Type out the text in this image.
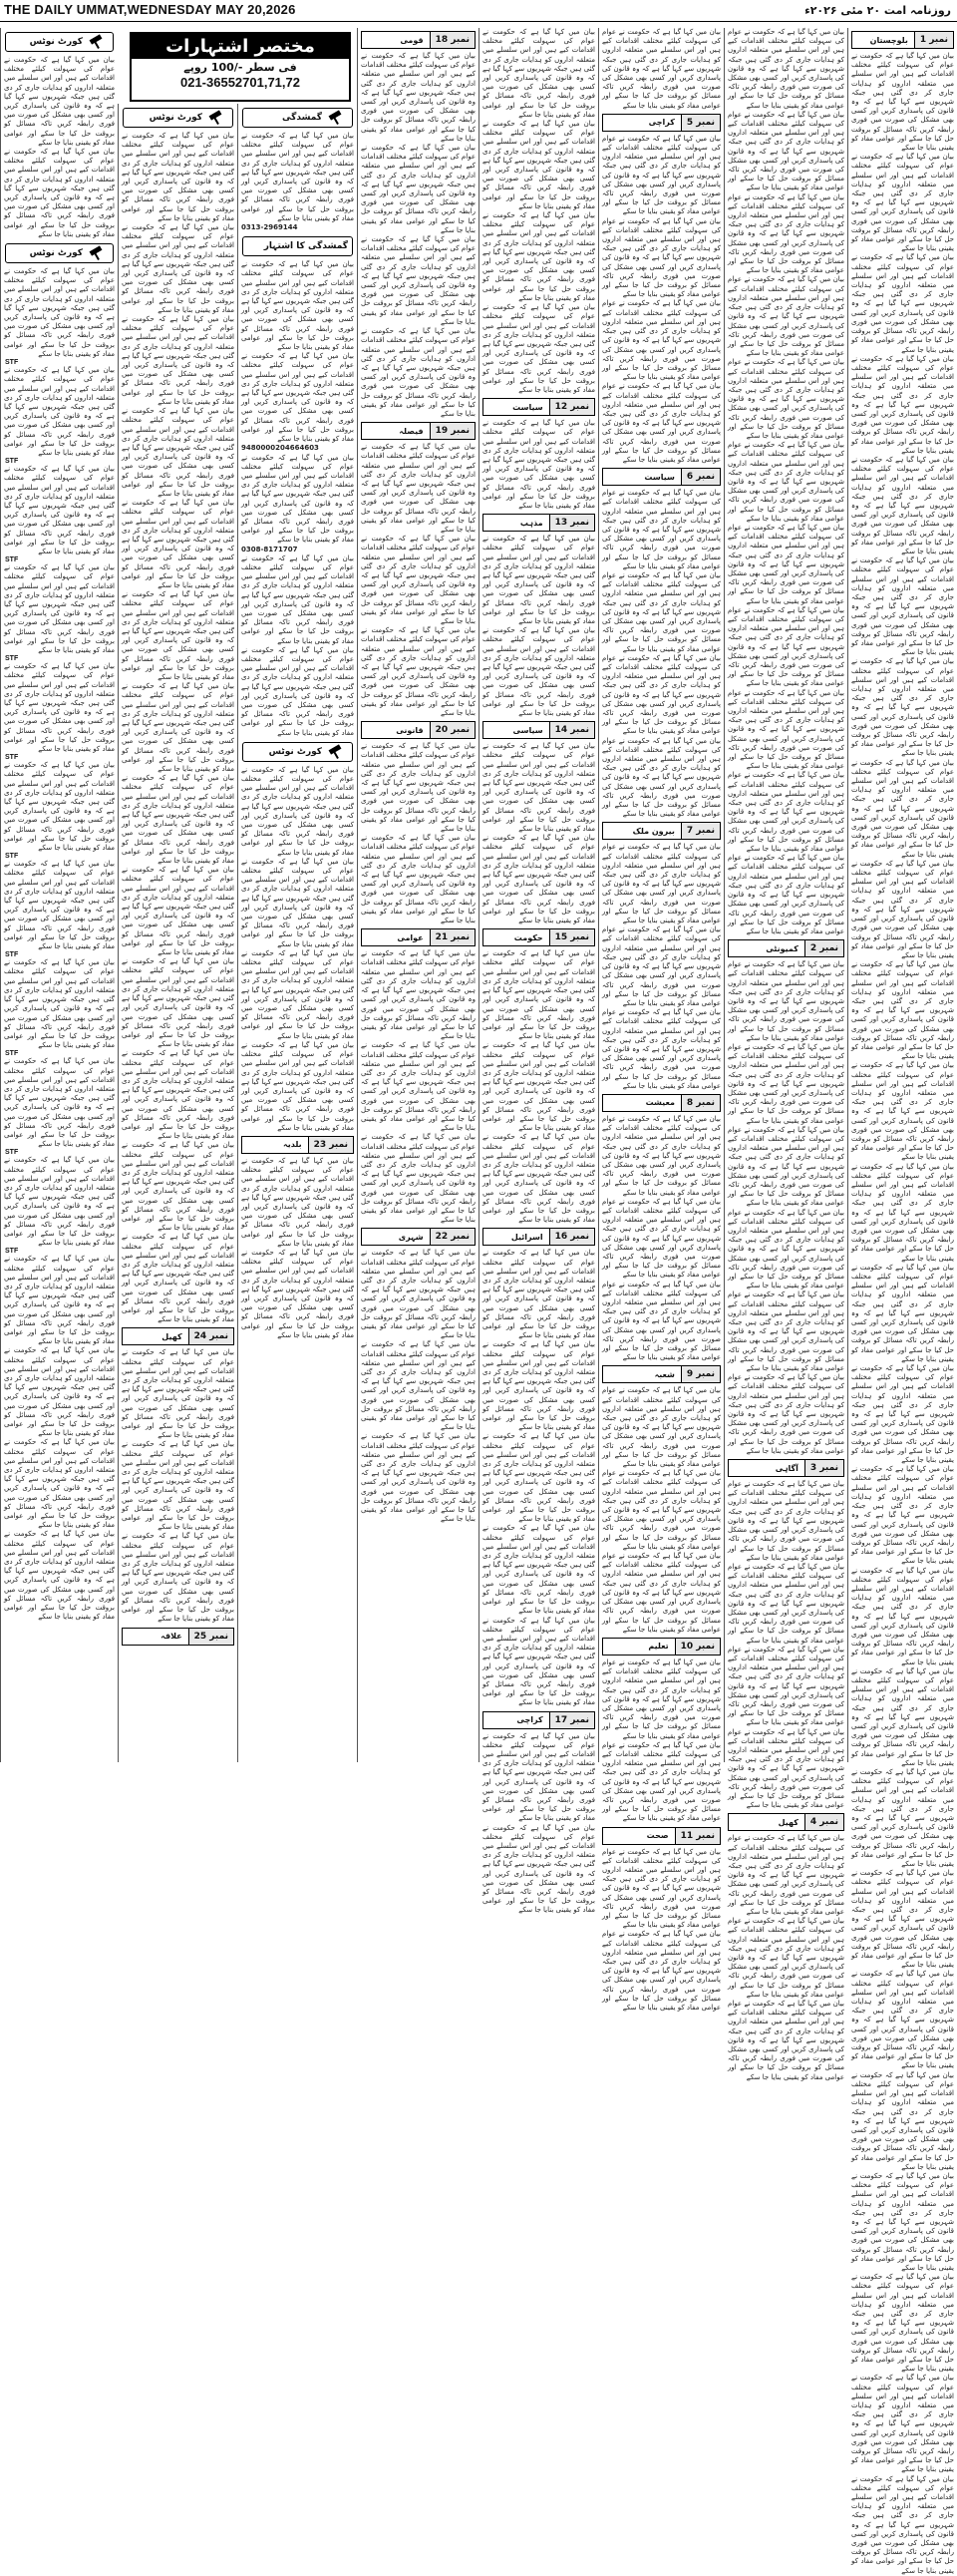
THE DAILY UMMAT,WEDNESDAY MAY 20,2026	روزنامہ امت ۲۰ مئی ۲۰۲۶ء
نمبر 1
بلوچستان
بیان میں کہا گیا ہے کہ حکومت نے عوام کی سہولت کیلئے مختلف اقدامات کیے ہیں اور اس سلسلے میں متعلقہ اداروں کو ہدایات جاری کر دی گئی ہیں جبکہ شہریوں سے کہا گیا ہے کہ وہ قانون کی پاسداری کریں اور کسی بھی مشکل کی صورت میں فوری رابطہ کریں تاکہ مسائل کو بروقت حل کیا جا سکے اور عوامی مفاد کو یقینی بنایا جا سکے
بیان میں کہا گیا ہے کہ حکومت نے عوام کی سہولت کیلئے مختلف اقدامات کیے ہیں اور اس سلسلے میں متعلقہ اداروں کو ہدایات جاری کر دی گئی ہیں جبکہ شہریوں سے کہا گیا ہے کہ وہ قانون کی پاسداری کریں اور کسی بھی مشکل کی صورت میں فوری رابطہ کریں تاکہ مسائل کو بروقت حل کیا جا سکے اور عوامی مفاد کو یقینی بنایا جا سکے
بیان میں کہا گیا ہے کہ حکومت نے عوام کی سہولت کیلئے مختلف اقدامات کیے ہیں اور اس سلسلے میں متعلقہ اداروں کو ہدایات جاری کر دی گئی ہیں جبکہ شہریوں سے کہا گیا ہے کہ وہ قانون کی پاسداری کریں اور کسی بھی مشکل کی صورت میں فوری رابطہ کریں تاکہ مسائل کو بروقت حل کیا جا سکے اور عوامی مفاد کو یقینی بنایا جا سکے
بیان میں کہا گیا ہے کہ حکومت نے عوام کی سہولت کیلئے مختلف اقدامات کیے ہیں اور اس سلسلے میں متعلقہ اداروں کو ہدایات جاری کر دی گئی ہیں جبکہ شہریوں سے کہا گیا ہے کہ وہ قانون کی پاسداری کریں اور کسی بھی مشکل کی صورت میں فوری رابطہ کریں تاکہ مسائل کو بروقت حل کیا جا سکے اور عوامی مفاد کو یقینی بنایا جا سکے
بیان میں کہا گیا ہے کہ حکومت نے عوام کی سہولت کیلئے مختلف اقدامات کیے ہیں اور اس سلسلے میں متعلقہ اداروں کو ہدایات جاری کر دی گئی ہیں جبکہ شہریوں سے کہا گیا ہے کہ وہ قانون کی پاسداری کریں اور کسی بھی مشکل کی صورت میں فوری رابطہ کریں تاکہ مسائل کو بروقت حل کیا جا سکے اور عوامی مفاد کو یقینی بنایا جا سکے
بیان میں کہا گیا ہے کہ حکومت نے عوام کی سہولت کیلئے مختلف اقدامات کیے ہیں اور اس سلسلے میں متعلقہ اداروں کو ہدایات جاری کر دی گئی ہیں جبکہ شہریوں سے کہا گیا ہے کہ وہ قانون کی پاسداری کریں اور کسی بھی مشکل کی صورت میں فوری رابطہ کریں تاکہ مسائل کو بروقت حل کیا جا سکے اور عوامی مفاد کو یقینی بنایا جا سکے
بیان میں کہا گیا ہے کہ حکومت نے عوام کی سہولت کیلئے مختلف اقدامات کیے ہیں اور اس سلسلے میں متعلقہ اداروں کو ہدایات جاری کر دی گئی ہیں جبکہ شہریوں سے کہا گیا ہے کہ وہ قانون کی پاسداری کریں اور کسی بھی مشکل کی صورت میں فوری رابطہ کریں تاکہ مسائل کو بروقت حل کیا جا سکے اور عوامی مفاد کو یقینی بنایا جا سکے
بیان میں کہا گیا ہے کہ حکومت نے عوام کی سہولت کیلئے مختلف اقدامات کیے ہیں اور اس سلسلے میں متعلقہ اداروں کو ہدایات جاری کر دی گئی ہیں جبکہ شہریوں سے کہا گیا ہے کہ وہ قانون کی پاسداری کریں اور کسی بھی مشکل کی صورت میں فوری رابطہ کریں تاکہ مسائل کو بروقت حل کیا جا سکے اور عوامی مفاد کو یقینی بنایا جا سکے
بیان میں کہا گیا ہے کہ حکومت نے عوام کی سہولت کیلئے مختلف اقدامات کیے ہیں اور اس سلسلے میں متعلقہ اداروں کو ہدایات جاری کر دی گئی ہیں جبکہ شہریوں سے کہا گیا ہے کہ وہ قانون کی پاسداری کریں اور کسی بھی مشکل کی صورت میں فوری رابطہ کریں تاکہ مسائل کو بروقت حل کیا جا سکے اور عوامی مفاد کو یقینی بنایا جا سکے
بیان میں کہا گیا ہے کہ حکومت نے عوام کی سہولت کیلئے مختلف اقدامات کیے ہیں اور اس سلسلے میں متعلقہ اداروں کو ہدایات جاری کر دی گئی ہیں جبکہ شہریوں سے کہا گیا ہے کہ وہ قانون کی پاسداری کریں اور کسی بھی مشکل کی صورت میں فوری رابطہ کریں تاکہ مسائل کو بروقت حل کیا جا سکے اور عوامی مفاد کو یقینی بنایا جا سکے
بیان میں کہا گیا ہے کہ حکومت نے عوام کی سہولت کیلئے مختلف اقدامات کیے ہیں اور اس سلسلے میں متعلقہ اداروں کو ہدایات جاری کر دی گئی ہیں جبکہ شہریوں سے کہا گیا ہے کہ وہ قانون کی پاسداری کریں اور کسی بھی مشکل کی صورت میں فوری رابطہ کریں تاکہ مسائل کو بروقت حل کیا جا سکے اور عوامی مفاد کو یقینی بنایا جا سکے
بیان میں کہا گیا ہے کہ حکومت نے عوام کی سہولت کیلئے مختلف اقدامات کیے ہیں اور اس سلسلے میں متعلقہ اداروں کو ہدایات جاری کر دی گئی ہیں جبکہ شہریوں سے کہا گیا ہے کہ وہ قانون کی پاسداری کریں اور کسی بھی مشکل کی صورت میں فوری رابطہ کریں تاکہ مسائل کو بروقت حل کیا جا سکے اور عوامی مفاد کو یقینی بنایا جا سکے
بیان میں کہا گیا ہے کہ حکومت نے عوام کی سہولت کیلئے مختلف اقدامات کیے ہیں اور اس سلسلے میں متعلقہ اداروں کو ہدایات جاری کر دی گئی ہیں جبکہ شہریوں سے کہا گیا ہے کہ وہ قانون کی پاسداری کریں اور کسی بھی مشکل کی صورت میں فوری رابطہ کریں تاکہ مسائل کو بروقت حل کیا جا سکے اور عوامی مفاد کو یقینی بنایا جا سکے
بیان میں کہا گیا ہے کہ حکومت نے عوام کی سہولت کیلئے مختلف اقدامات کیے ہیں اور اس سلسلے میں متعلقہ اداروں کو ہدایات جاری کر دی گئی ہیں جبکہ شہریوں سے کہا گیا ہے کہ وہ قانون کی پاسداری کریں اور کسی بھی مشکل کی صورت میں فوری رابطہ کریں تاکہ مسائل کو بروقت حل کیا جا سکے اور عوامی مفاد کو یقینی بنایا جا سکے
بیان میں کہا گیا ہے کہ حکومت نے عوام کی سہولت کیلئے مختلف اقدامات کیے ہیں اور اس سلسلے میں متعلقہ اداروں کو ہدایات جاری کر دی گئی ہیں جبکہ شہریوں سے کہا گیا ہے کہ وہ قانون کی پاسداری کریں اور کسی بھی مشکل کی صورت میں فوری رابطہ کریں تاکہ مسائل کو بروقت حل کیا جا سکے اور عوامی مفاد کو یقینی بنایا جا سکے
بیان میں کہا گیا ہے کہ حکومت نے عوام کی سہولت کیلئے مختلف اقدامات کیے ہیں اور اس سلسلے میں متعلقہ اداروں کو ہدایات جاری کر دی گئی ہیں جبکہ شہریوں سے کہا گیا ہے کہ وہ قانون کی پاسداری کریں اور کسی بھی مشکل کی صورت میں فوری رابطہ کریں تاکہ مسائل کو بروقت حل کیا جا سکے اور عوامی مفاد کو یقینی بنایا جا سکے
بیان میں کہا گیا ہے کہ حکومت نے عوام کی سہولت کیلئے مختلف اقدامات کیے ہیں اور اس سلسلے میں متعلقہ اداروں کو ہدایات جاری کر دی گئی ہیں جبکہ شہریوں سے کہا گیا ہے کہ وہ قانون کی پاسداری کریں اور کسی بھی مشکل کی صورت میں فوری رابطہ کریں تاکہ مسائل کو بروقت حل کیا جا سکے اور عوامی مفاد کو یقینی بنایا جا سکے
بیان میں کہا گیا ہے کہ حکومت نے عوام کی سہولت کیلئے مختلف اقدامات کیے ہیں اور اس سلسلے میں متعلقہ اداروں کو ہدایات جاری کر دی گئی ہیں جبکہ شہریوں سے کہا گیا ہے کہ وہ قانون کی پاسداری کریں اور کسی بھی مشکل کی صورت میں فوری رابطہ کریں تاکہ مسائل کو بروقت حل کیا جا سکے اور عوامی مفاد کو یقینی بنایا جا سکے
بیان میں کہا گیا ہے کہ حکومت نے عوام کی سہولت کیلئے مختلف اقدامات کیے ہیں اور اس سلسلے میں متعلقہ اداروں کو ہدایات جاری کر دی گئی ہیں جبکہ شہریوں سے کہا گیا ہے کہ وہ قانون کی پاسداری کریں اور کسی بھی مشکل کی صورت میں فوری رابطہ کریں تاکہ مسائل کو بروقت حل کیا جا سکے اور عوامی مفاد کو یقینی بنایا جا سکے
بیان میں کہا گیا ہے کہ حکومت نے عوام کی سہولت کیلئے مختلف اقدامات کیے ہیں اور اس سلسلے میں متعلقہ اداروں کو ہدایات جاری کر دی گئی ہیں جبکہ شہریوں سے کہا گیا ہے کہ وہ قانون کی پاسداری کریں اور کسی بھی مشکل کی صورت میں فوری رابطہ کریں تاکہ مسائل کو بروقت حل کیا جا سکے اور عوامی مفاد کو یقینی بنایا جا سکے
بیان میں کہا گیا ہے کہ حکومت نے عوام کی سہولت کیلئے مختلف اقدامات کیے ہیں اور اس سلسلے میں متعلقہ اداروں کو ہدایات جاری کر دی گئی ہیں جبکہ شہریوں سے کہا گیا ہے کہ وہ قانون کی پاسداری کریں اور کسی بھی مشکل کی صورت میں فوری رابطہ کریں تاکہ مسائل کو بروقت حل کیا جا سکے اور عوامی مفاد کو یقینی بنایا جا سکے
بیان میں کہا گیا ہے کہ حکومت نے عوام کی سہولت کیلئے مختلف اقدامات کیے ہیں اور اس سلسلے میں متعلقہ اداروں کو ہدایات جاری کر دی گئی ہیں جبکہ شہریوں سے کہا گیا ہے کہ وہ قانون کی پاسداری کریں اور کسی بھی مشکل کی صورت میں فوری رابطہ کریں تاکہ مسائل کو بروقت حل کیا جا سکے اور عوامی مفاد کو یقینی بنایا جا سکے
بیان میں کہا گیا ہے کہ حکومت نے عوام کی سہولت کیلئے مختلف اقدامات کیے ہیں اور اس سلسلے میں متعلقہ اداروں کو ہدایات جاری کر دی گئی ہیں جبکہ شہریوں سے کہا گیا ہے کہ وہ قانون کی پاسداری کریں اور کسی بھی مشکل کی صورت میں فوری رابطہ کریں تاکہ مسائل کو بروقت حل کیا جا سکے اور عوامی مفاد کو یقینی بنایا جا سکے
بیان میں کہا گیا ہے کہ حکومت نے عوام کی سہولت کیلئے مختلف اقدامات کیے ہیں اور اس سلسلے میں متعلقہ اداروں کو ہدایات جاری کر دی گئی ہیں جبکہ شہریوں سے کہا گیا ہے کہ وہ قانون کی پاسداری کریں اور کسی بھی مشکل کی صورت میں فوری رابطہ کریں تاکہ مسائل کو بروقت حل کیا جا سکے اور عوامی مفاد کو یقینی بنایا جا سکے
بیان میں کہا گیا ہے کہ حکومت نے عوام کی سہولت کیلئے مختلف اقدامات کیے ہیں اور اس سلسلے میں متعلقہ اداروں کو ہدایات جاری کر دی گئی ہیں جبکہ شہریوں سے کہا گیا ہے کہ وہ قانون کی پاسداری کریں اور کسی بھی مشکل کی صورت میں فوری رابطہ کریں تاکہ مسائل کو بروقت حل کیا جا سکے اور عوامی مفاد کو یقینی بنایا جا سکے
بیان میں کہا گیا ہے کہ حکومت نے عوام کی سہولت کیلئے مختلف اقدامات کیے ہیں اور اس سلسلے میں متعلقہ اداروں کو ہدایات جاری کر دی گئی ہیں جبکہ شہریوں سے کہا گیا ہے کہ وہ قانون کی پاسداری کریں اور کسی بھی مشکل کی صورت میں فوری رابطہ کریں تاکہ مسائل کو بروقت حل کیا جا سکے اور عوامی مفاد کو یقینی بنایا جا سکے
بیان میں کہا گیا ہے کہ حکومت نے عوام کی سہولت کیلئے مختلف اقدامات کیے ہیں اور اس سلسلے میں متعلقہ اداروں کو ہدایات جاری کر دی گئی ہیں جبکہ شہریوں سے کہا گیا ہے کہ وہ قانون کی پاسداری کریں اور کسی بھی مشکل کی صورت میں فوری رابطہ کریں تاکہ مسائل کو بروقت حل کیا جا سکے اور عوامی مفاد کو یقینی بنایا جا سکے
بیان میں کہا گیا ہے کہ حکومت نے عوام کی سہولت کیلئے مختلف اقدامات کیے ہیں اور اس سلسلے میں متعلقہ اداروں کو ہدایات جاری کر دی گئی ہیں جبکہ شہریوں سے کہا گیا ہے کہ وہ قانون کی پاسداری کریں اور کسی بھی مشکل کی صورت میں فوری رابطہ کریں تاکہ مسائل کو بروقت حل کیا جا سکے اور عوامی مفاد کو یقینی بنایا جا سکے
بیان میں کہا گیا ہے کہ حکومت نے عوام کی سہولت کیلئے مختلف اقدامات کیے ہیں اور اس سلسلے میں متعلقہ اداروں کو ہدایات جاری کر دی گئی ہیں جبکہ شہریوں سے کہا گیا ہے کہ وہ قانون کی پاسداری کریں اور کسی بھی مشکل کی صورت میں فوری رابطہ کریں تاکہ مسائل کو بروقت حل کیا جا سکے اور عوامی مفاد کو یقینی بنایا جا سکے
بیان میں کہا گیا ہے کہ حکومت نے عوام کی سہولت کیلئے مختلف اقدامات کیے ہیں اور اس سلسلے میں متعلقہ اداروں کو ہدایات جاری کر دی گئی ہیں جبکہ شہریوں سے کہا گیا ہے کہ وہ قانون کی پاسداری کریں اور کسی بھی مشکل کی صورت میں فوری رابطہ کریں تاکہ مسائل کو بروقت حل کیا جا سکے اور عوامی مفاد کو یقینی بنایا جا سکے
بیان میں کہا گیا ہے کہ حکومت نے عوام کی سہولت کیلئے مختلف اقدامات کیے ہیں اور اس سلسلے میں متعلقہ اداروں کو ہدایات جاری کر دی گئی ہیں جبکہ شہریوں سے کہا گیا ہے کہ وہ قانون کی پاسداری کریں اور کسی بھی مشکل کی صورت میں فوری رابطہ کریں تاکہ مسائل کو بروقت حل کیا جا سکے اور عوامی مفاد کو یقینی بنایا جا سکے
بیان میں کہا گیا ہے کہ حکومت نے عوام کی سہولت کیلئے مختلف اقدامات کیے ہیں اور اس سلسلے میں متعلقہ اداروں کو ہدایات جاری کر دی گئی ہیں جبکہ شہریوں سے کہا گیا ہے کہ وہ قانون کی پاسداری کریں اور کسی بھی مشکل کی صورت میں فوری رابطہ کریں تاکہ مسائل کو بروقت حل کیا جا سکے اور عوامی مفاد کو یقینی بنایا جا سکے
بیان میں کہا گیا ہے کہ حکومت نے عوام کی سہولت کیلئے مختلف اقدامات کیے ہیں اور اس سلسلے میں متعلقہ اداروں کو ہدایات جاری کر دی گئی ہیں جبکہ شہریوں سے کہا گیا ہے کہ وہ قانون کی پاسداری کریں اور کسی بھی مشکل کی صورت میں فوری رابطہ کریں تاکہ مسائل کو بروقت حل کیا جا سکے اور عوامی مفاد کو یقینی بنایا جا سکے
بیان میں کہا گیا ہے کہ حکومت نے عوام کی سہولت کیلئے مختلف اقدامات کیے ہیں اور اس سلسلے میں متعلقہ اداروں کو ہدایات جاری کر دی گئی ہیں جبکہ شہریوں سے کہا گیا ہے کہ وہ قانون کی پاسداری کریں اور کسی بھی مشکل کی صورت میں فوری رابطہ کریں تاکہ مسائل کو بروقت حل کیا جا سکے اور عوامی مفاد کو یقینی بنایا جا سکے
بیان میں کہا گیا ہے کہ حکومت نے عوام کی سہولت کیلئے مختلف اقدامات کیے ہیں اور اس سلسلے میں متعلقہ اداروں کو ہدایات جاری کر دی گئی ہیں جبکہ شہریوں سے کہا گیا ہے کہ وہ قانون کی پاسداری کریں اور کسی بھی مشکل کی صورت میں فوری رابطہ کریں تاکہ مسائل کو بروقت حل کیا جا سکے اور عوامی مفاد کو یقینی بنایا جا سکے
بیان میں کہا گیا ہے کہ حکومت نے عوام کی سہولت کیلئے مختلف اقدامات کیے ہیں اور اس سلسلے میں متعلقہ اداروں کو ہدایات جاری کر دی گئی ہیں جبکہ شہریوں سے کہا گیا ہے کہ وہ قانون کی پاسداری کریں اور کسی بھی مشکل کی صورت میں فوری رابطہ کریں تاکہ مسائل کو بروقت حل کیا جا سکے اور عوامی مفاد کو یقینی بنایا جا سکے
نمبر 2
کمیونٹی
بیان میں کہا گیا ہے کہ حکومت نے عوام کی سہولت کیلئے مختلف اقدامات کیے ہیں اور اس سلسلے میں متعلقہ اداروں کو ہدایات جاری کر دی گئی ہیں جبکہ شہریوں سے کہا گیا ہے کہ وہ قانون کی پاسداری کریں اور کسی بھی مشکل کی صورت میں فوری رابطہ کریں تاکہ مسائل کو بروقت حل کیا جا سکے اور عوامی مفاد کو یقینی بنایا جا سکے
بیان میں کہا گیا ہے کہ حکومت نے عوام کی سہولت کیلئے مختلف اقدامات کیے ہیں اور اس سلسلے میں متعلقہ اداروں کو ہدایات جاری کر دی گئی ہیں جبکہ شہریوں سے کہا گیا ہے کہ وہ قانون کی پاسداری کریں اور کسی بھی مشکل کی صورت میں فوری رابطہ کریں تاکہ مسائل کو بروقت حل کیا جا سکے اور عوامی مفاد کو یقینی بنایا جا سکے
بیان میں کہا گیا ہے کہ حکومت نے عوام کی سہولت کیلئے مختلف اقدامات کیے ہیں اور اس سلسلے میں متعلقہ اداروں کو ہدایات جاری کر دی گئی ہیں جبکہ شہریوں سے کہا گیا ہے کہ وہ قانون کی پاسداری کریں اور کسی بھی مشکل کی صورت میں فوری رابطہ کریں تاکہ مسائل کو بروقت حل کیا جا سکے اور عوامی مفاد کو یقینی بنایا جا سکے
بیان میں کہا گیا ہے کہ حکومت نے عوام کی سہولت کیلئے مختلف اقدامات کیے ہیں اور اس سلسلے میں متعلقہ اداروں کو ہدایات جاری کر دی گئی ہیں جبکہ شہریوں سے کہا گیا ہے کہ وہ قانون کی پاسداری کریں اور کسی بھی مشکل کی صورت میں فوری رابطہ کریں تاکہ مسائل کو بروقت حل کیا جا سکے اور عوامی مفاد کو یقینی بنایا جا سکے
بیان میں کہا گیا ہے کہ حکومت نے عوام کی سہولت کیلئے مختلف اقدامات کیے ہیں اور اس سلسلے میں متعلقہ اداروں کو ہدایات جاری کر دی گئی ہیں جبکہ شہریوں سے کہا گیا ہے کہ وہ قانون کی پاسداری کریں اور کسی بھی مشکل کی صورت میں فوری رابطہ کریں تاکہ مسائل کو بروقت حل کیا جا سکے اور عوامی مفاد کو یقینی بنایا جا سکے
بیان میں کہا گیا ہے کہ حکومت نے عوام کی سہولت کیلئے مختلف اقدامات کیے ہیں اور اس سلسلے میں متعلقہ اداروں کو ہدایات جاری کر دی گئی ہیں جبکہ شہریوں سے کہا گیا ہے کہ وہ قانون کی پاسداری کریں اور کسی بھی مشکل کی صورت میں فوری رابطہ کریں تاکہ مسائل کو بروقت حل کیا جا سکے اور عوامی مفاد کو یقینی بنایا جا سکے
نمبر 3
آگاہی
بیان میں کہا گیا ہے کہ حکومت نے عوام کی سہولت کیلئے مختلف اقدامات کیے ہیں اور اس سلسلے میں متعلقہ اداروں کو ہدایات جاری کر دی گئی ہیں جبکہ شہریوں سے کہا گیا ہے کہ وہ قانون کی پاسداری کریں اور کسی بھی مشکل کی صورت میں فوری رابطہ کریں تاکہ مسائل کو بروقت حل کیا جا سکے اور عوامی مفاد کو یقینی بنایا جا سکے
بیان میں کہا گیا ہے کہ حکومت نے عوام کی سہولت کیلئے مختلف اقدامات کیے ہیں اور اس سلسلے میں متعلقہ اداروں کو ہدایات جاری کر دی گئی ہیں جبکہ شہریوں سے کہا گیا ہے کہ وہ قانون کی پاسداری کریں اور کسی بھی مشکل کی صورت میں فوری رابطہ کریں تاکہ مسائل کو بروقت حل کیا جا سکے اور عوامی مفاد کو یقینی بنایا جا سکے
بیان میں کہا گیا ہے کہ حکومت نے عوام کی سہولت کیلئے مختلف اقدامات کیے ہیں اور اس سلسلے میں متعلقہ اداروں کو ہدایات جاری کر دی گئی ہیں جبکہ شہریوں سے کہا گیا ہے کہ وہ قانون کی پاسداری کریں اور کسی بھی مشکل کی صورت میں فوری رابطہ کریں تاکہ مسائل کو بروقت حل کیا جا سکے اور عوامی مفاد کو یقینی بنایا جا سکے
بیان میں کہا گیا ہے کہ حکومت نے عوام کی سہولت کیلئے مختلف اقدامات کیے ہیں اور اس سلسلے میں متعلقہ اداروں کو ہدایات جاری کر دی گئی ہیں جبکہ شہریوں سے کہا گیا ہے کہ وہ قانون کی پاسداری کریں اور کسی بھی مشکل کی صورت میں فوری رابطہ کریں تاکہ مسائل کو بروقت حل کیا جا سکے اور عوامی مفاد کو یقینی بنایا جا سکے
نمبر 4
کھیل
بیان میں کہا گیا ہے کہ حکومت نے عوام کی سہولت کیلئے مختلف اقدامات کیے ہیں اور اس سلسلے میں متعلقہ اداروں کو ہدایات جاری کر دی گئی ہیں جبکہ شہریوں سے کہا گیا ہے کہ وہ قانون کی پاسداری کریں اور کسی بھی مشکل کی صورت میں فوری رابطہ کریں تاکہ مسائل کو بروقت حل کیا جا سکے اور عوامی مفاد کو یقینی بنایا جا سکے
بیان میں کہا گیا ہے کہ حکومت نے عوام کی سہولت کیلئے مختلف اقدامات کیے ہیں اور اس سلسلے میں متعلقہ اداروں کو ہدایات جاری کر دی گئی ہیں جبکہ شہریوں سے کہا گیا ہے کہ وہ قانون کی پاسداری کریں اور کسی بھی مشکل کی صورت میں فوری رابطہ کریں تاکہ مسائل کو بروقت حل کیا جا سکے اور عوامی مفاد کو یقینی بنایا جا سکے
بیان میں کہا گیا ہے کہ حکومت نے عوام کی سہولت کیلئے مختلف اقدامات کیے ہیں اور اس سلسلے میں متعلقہ اداروں کو ہدایات جاری کر دی گئی ہیں جبکہ شہریوں سے کہا گیا ہے کہ وہ قانون کی پاسداری کریں اور کسی بھی مشکل کی صورت میں فوری رابطہ کریں تاکہ مسائل کو بروقت حل کیا جا سکے اور عوامی مفاد کو یقینی بنایا جا سکے
بیان میں کہا گیا ہے کہ حکومت نے عوام کی سہولت کیلئے مختلف اقدامات کیے ہیں اور اس سلسلے میں متعلقہ اداروں کو ہدایات جاری کر دی گئی ہیں جبکہ شہریوں سے کہا گیا ہے کہ وہ قانون کی پاسداری کریں اور کسی بھی مشکل کی صورت میں فوری رابطہ کریں تاکہ مسائل کو بروقت حل کیا جا سکے اور عوامی مفاد کو یقینی بنایا جا سکے
نمبر 5
کراچی
بیان میں کہا گیا ہے کہ حکومت نے عوام کی سہولت کیلئے مختلف اقدامات کیے ہیں اور اس سلسلے میں متعلقہ اداروں کو ہدایات جاری کر دی گئی ہیں جبکہ شہریوں سے کہا گیا ہے کہ وہ قانون کی پاسداری کریں اور کسی بھی مشکل کی صورت میں فوری رابطہ کریں تاکہ مسائل کو بروقت حل کیا جا سکے اور عوامی مفاد کو یقینی بنایا جا سکے
بیان میں کہا گیا ہے کہ حکومت نے عوام کی سہولت کیلئے مختلف اقدامات کیے ہیں اور اس سلسلے میں متعلقہ اداروں کو ہدایات جاری کر دی گئی ہیں جبکہ شہریوں سے کہا گیا ہے کہ وہ قانون کی پاسداری کریں اور کسی بھی مشکل کی صورت میں فوری رابطہ کریں تاکہ مسائل کو بروقت حل کیا جا سکے اور عوامی مفاد کو یقینی بنایا جا سکے
بیان میں کہا گیا ہے کہ حکومت نے عوام کی سہولت کیلئے مختلف اقدامات کیے ہیں اور اس سلسلے میں متعلقہ اداروں کو ہدایات جاری کر دی گئی ہیں جبکہ شہریوں سے کہا گیا ہے کہ وہ قانون کی پاسداری کریں اور کسی بھی مشکل کی صورت میں فوری رابطہ کریں تاکہ مسائل کو بروقت حل کیا جا سکے اور عوامی مفاد کو یقینی بنایا جا سکے
بیان میں کہا گیا ہے کہ حکومت نے عوام کی سہولت کیلئے مختلف اقدامات کیے ہیں اور اس سلسلے میں متعلقہ اداروں کو ہدایات جاری کر دی گئی ہیں جبکہ شہریوں سے کہا گیا ہے کہ وہ قانون کی پاسداری کریں اور کسی بھی مشکل کی صورت میں فوری رابطہ کریں تاکہ مسائل کو بروقت حل کیا جا سکے اور عوامی مفاد کو یقینی بنایا جا سکے
نمبر 6
سیاست
بیان میں کہا گیا ہے کہ حکومت نے عوام کی سہولت کیلئے مختلف اقدامات کیے ہیں اور اس سلسلے میں متعلقہ اداروں کو ہدایات جاری کر دی گئی ہیں جبکہ شہریوں سے کہا گیا ہے کہ وہ قانون کی پاسداری کریں اور کسی بھی مشکل کی صورت میں فوری رابطہ کریں تاکہ مسائل کو بروقت حل کیا جا سکے اور عوامی مفاد کو یقینی بنایا جا سکے
بیان میں کہا گیا ہے کہ حکومت نے عوام کی سہولت کیلئے مختلف اقدامات کیے ہیں اور اس سلسلے میں متعلقہ اداروں کو ہدایات جاری کر دی گئی ہیں جبکہ شہریوں سے کہا گیا ہے کہ وہ قانون کی پاسداری کریں اور کسی بھی مشکل کی صورت میں فوری رابطہ کریں تاکہ مسائل کو بروقت حل کیا جا سکے اور عوامی مفاد کو یقینی بنایا جا سکے
بیان میں کہا گیا ہے کہ حکومت نے عوام کی سہولت کیلئے مختلف اقدامات کیے ہیں اور اس سلسلے میں متعلقہ اداروں کو ہدایات جاری کر دی گئی ہیں جبکہ شہریوں سے کہا گیا ہے کہ وہ قانون کی پاسداری کریں اور کسی بھی مشکل کی صورت میں فوری رابطہ کریں تاکہ مسائل کو بروقت حل کیا جا سکے اور عوامی مفاد کو یقینی بنایا جا سکے
بیان میں کہا گیا ہے کہ حکومت نے عوام کی سہولت کیلئے مختلف اقدامات کیے ہیں اور اس سلسلے میں متعلقہ اداروں کو ہدایات جاری کر دی گئی ہیں جبکہ شہریوں سے کہا گیا ہے کہ وہ قانون کی پاسداری کریں اور کسی بھی مشکل کی صورت میں فوری رابطہ کریں تاکہ مسائل کو بروقت حل کیا جا سکے اور عوامی مفاد کو یقینی بنایا جا سکے
نمبر 7
بیرون ملک
بیان میں کہا گیا ہے کہ حکومت نے عوام کی سہولت کیلئے مختلف اقدامات کیے ہیں اور اس سلسلے میں متعلقہ اداروں کو ہدایات جاری کر دی گئی ہیں جبکہ شہریوں سے کہا گیا ہے کہ وہ قانون کی پاسداری کریں اور کسی بھی مشکل کی صورت میں فوری رابطہ کریں تاکہ مسائل کو بروقت حل کیا جا سکے اور عوامی مفاد کو یقینی بنایا جا سکے
بیان میں کہا گیا ہے کہ حکومت نے عوام کی سہولت کیلئے مختلف اقدامات کیے ہیں اور اس سلسلے میں متعلقہ اداروں کو ہدایات جاری کر دی گئی ہیں جبکہ شہریوں سے کہا گیا ہے کہ وہ قانون کی پاسداری کریں اور کسی بھی مشکل کی صورت میں فوری رابطہ کریں تاکہ مسائل کو بروقت حل کیا جا سکے اور عوامی مفاد کو یقینی بنایا جا سکے
بیان میں کہا گیا ہے کہ حکومت نے عوام کی سہولت کیلئے مختلف اقدامات کیے ہیں اور اس سلسلے میں متعلقہ اداروں کو ہدایات جاری کر دی گئی ہیں جبکہ شہریوں سے کہا گیا ہے کہ وہ قانون کی پاسداری کریں اور کسی بھی مشکل کی صورت میں فوری رابطہ کریں تاکہ مسائل کو بروقت حل کیا جا سکے اور عوامی مفاد کو یقینی بنایا جا سکے
نمبر 8
معیشت
بیان میں کہا گیا ہے کہ حکومت نے عوام کی سہولت کیلئے مختلف اقدامات کیے ہیں اور اس سلسلے میں متعلقہ اداروں کو ہدایات جاری کر دی گئی ہیں جبکہ شہریوں سے کہا گیا ہے کہ وہ قانون کی پاسداری کریں اور کسی بھی مشکل کی صورت میں فوری رابطہ کریں تاکہ مسائل کو بروقت حل کیا جا سکے اور عوامی مفاد کو یقینی بنایا جا سکے
بیان میں کہا گیا ہے کہ حکومت نے عوام کی سہولت کیلئے مختلف اقدامات کیے ہیں اور اس سلسلے میں متعلقہ اداروں کو ہدایات جاری کر دی گئی ہیں جبکہ شہریوں سے کہا گیا ہے کہ وہ قانون کی پاسداری کریں اور کسی بھی مشکل کی صورت میں فوری رابطہ کریں تاکہ مسائل کو بروقت حل کیا جا سکے اور عوامی مفاد کو یقینی بنایا جا سکے
بیان میں کہا گیا ہے کہ حکومت نے عوام کی سہولت کیلئے مختلف اقدامات کیے ہیں اور اس سلسلے میں متعلقہ اداروں کو ہدایات جاری کر دی گئی ہیں جبکہ شہریوں سے کہا گیا ہے کہ وہ قانون کی پاسداری کریں اور کسی بھی مشکل کی صورت میں فوری رابطہ کریں تاکہ مسائل کو بروقت حل کیا جا سکے اور عوامی مفاد کو یقینی بنایا جا سکے
نمبر 9
شعبہ
بیان میں کہا گیا ہے کہ حکومت نے عوام کی سہولت کیلئے مختلف اقدامات کیے ہیں اور اس سلسلے میں متعلقہ اداروں کو ہدایات جاری کر دی گئی ہیں جبکہ شہریوں سے کہا گیا ہے کہ وہ قانون کی پاسداری کریں اور کسی بھی مشکل کی صورت میں فوری رابطہ کریں تاکہ مسائل کو بروقت حل کیا جا سکے اور عوامی مفاد کو یقینی بنایا جا سکے
بیان میں کہا گیا ہے کہ حکومت نے عوام کی سہولت کیلئے مختلف اقدامات کیے ہیں اور اس سلسلے میں متعلقہ اداروں کو ہدایات جاری کر دی گئی ہیں جبکہ شہریوں سے کہا گیا ہے کہ وہ قانون کی پاسداری کریں اور کسی بھی مشکل کی صورت میں فوری رابطہ کریں تاکہ مسائل کو بروقت حل کیا جا سکے اور عوامی مفاد کو یقینی بنایا جا سکے
بیان میں کہا گیا ہے کہ حکومت نے عوام کی سہولت کیلئے مختلف اقدامات کیے ہیں اور اس سلسلے میں متعلقہ اداروں کو ہدایات جاری کر دی گئی ہیں جبکہ شہریوں سے کہا گیا ہے کہ وہ قانون کی پاسداری کریں اور کسی بھی مشکل کی صورت میں فوری رابطہ کریں تاکہ مسائل کو بروقت حل کیا جا سکے اور عوامی مفاد کو یقینی بنایا جا سکے
نمبر 10
تعلیم
بیان میں کہا گیا ہے کہ حکومت نے عوام کی سہولت کیلئے مختلف اقدامات کیے ہیں اور اس سلسلے میں متعلقہ اداروں کو ہدایات جاری کر دی گئی ہیں جبکہ شہریوں سے کہا گیا ہے کہ وہ قانون کی پاسداری کریں اور کسی بھی مشکل کی صورت میں فوری رابطہ کریں تاکہ مسائل کو بروقت حل کیا جا سکے اور عوامی مفاد کو یقینی بنایا جا سکے
بیان میں کہا گیا ہے کہ حکومت نے عوام کی سہولت کیلئے مختلف اقدامات کیے ہیں اور اس سلسلے میں متعلقہ اداروں کو ہدایات جاری کر دی گئی ہیں جبکہ شہریوں سے کہا گیا ہے کہ وہ قانون کی پاسداری کریں اور کسی بھی مشکل کی صورت میں فوری رابطہ کریں تاکہ مسائل کو بروقت حل کیا جا سکے اور عوامی مفاد کو یقینی بنایا جا سکے
نمبر 11
صحت
بیان میں کہا گیا ہے کہ حکومت نے عوام کی سہولت کیلئے مختلف اقدامات کیے ہیں اور اس سلسلے میں متعلقہ اداروں کو ہدایات جاری کر دی گئی ہیں جبکہ شہریوں سے کہا گیا ہے کہ وہ قانون کی پاسداری کریں اور کسی بھی مشکل کی صورت میں فوری رابطہ کریں تاکہ مسائل کو بروقت حل کیا جا سکے اور عوامی مفاد کو یقینی بنایا جا سکے
بیان میں کہا گیا ہے کہ حکومت نے عوام کی سہولت کیلئے مختلف اقدامات کیے ہیں اور اس سلسلے میں متعلقہ اداروں کو ہدایات جاری کر دی گئی ہیں جبکہ شہریوں سے کہا گیا ہے کہ وہ قانون کی پاسداری کریں اور کسی بھی مشکل کی صورت میں فوری رابطہ کریں تاکہ مسائل کو بروقت حل کیا جا سکے اور عوامی مفاد کو یقینی بنایا جا سکے
بیان میں کہا گیا ہے کہ حکومت نے عوام کی سہولت کیلئے مختلف اقدامات کیے ہیں اور اس سلسلے میں متعلقہ اداروں کو ہدایات جاری کر دی گئی ہیں جبکہ شہریوں سے کہا گیا ہے کہ وہ قانون کی پاسداری کریں اور کسی بھی مشکل کی صورت میں فوری رابطہ کریں تاکہ مسائل کو بروقت حل کیا جا سکے اور عوامی مفاد کو یقینی بنایا جا سکے
بیان میں کہا گیا ہے کہ حکومت نے عوام کی سہولت کیلئے مختلف اقدامات کیے ہیں اور اس سلسلے میں متعلقہ اداروں کو ہدایات جاری کر دی گئی ہیں جبکہ شہریوں سے کہا گیا ہے کہ وہ قانون کی پاسداری کریں اور کسی بھی مشکل کی صورت میں فوری رابطہ کریں تاکہ مسائل کو بروقت حل کیا جا سکے اور عوامی مفاد کو یقینی بنایا جا سکے
بیان میں کہا گیا ہے کہ حکومت نے عوام کی سہولت کیلئے مختلف اقدامات کیے ہیں اور اس سلسلے میں متعلقہ اداروں کو ہدایات جاری کر دی گئی ہیں جبکہ شہریوں سے کہا گیا ہے کہ وہ قانون کی پاسداری کریں اور کسی بھی مشکل کی صورت میں فوری رابطہ کریں تاکہ مسائل کو بروقت حل کیا جا سکے اور عوامی مفاد کو یقینی بنایا جا سکے
بیان میں کہا گیا ہے کہ حکومت نے عوام کی سہولت کیلئے مختلف اقدامات کیے ہیں اور اس سلسلے میں متعلقہ اداروں کو ہدایات جاری کر دی گئی ہیں جبکہ شہریوں سے کہا گیا ہے کہ وہ قانون کی پاسداری کریں اور کسی بھی مشکل کی صورت میں فوری رابطہ کریں تاکہ مسائل کو بروقت حل کیا جا سکے اور عوامی مفاد کو یقینی بنایا جا سکے
نمبر 12
سیاست
بیان میں کہا گیا ہے کہ حکومت نے عوام کی سہولت کیلئے مختلف اقدامات کیے ہیں اور اس سلسلے میں متعلقہ اداروں کو ہدایات جاری کر دی گئی ہیں جبکہ شہریوں سے کہا گیا ہے کہ وہ قانون کی پاسداری کریں اور کسی بھی مشکل کی صورت میں فوری رابطہ کریں تاکہ مسائل کو بروقت حل کیا جا سکے اور عوامی مفاد کو یقینی بنایا جا سکے
نمبر 13
مذہب
بیان میں کہا گیا ہے کہ حکومت نے عوام کی سہولت کیلئے مختلف اقدامات کیے ہیں اور اس سلسلے میں متعلقہ اداروں کو ہدایات جاری کر دی گئی ہیں جبکہ شہریوں سے کہا گیا ہے کہ وہ قانون کی پاسداری کریں اور کسی بھی مشکل کی صورت میں فوری رابطہ کریں تاکہ مسائل کو بروقت حل کیا جا سکے اور عوامی مفاد کو یقینی بنایا جا سکے
بیان میں کہا گیا ہے کہ حکومت نے عوام کی سہولت کیلئے مختلف اقدامات کیے ہیں اور اس سلسلے میں متعلقہ اداروں کو ہدایات جاری کر دی گئی ہیں جبکہ شہریوں سے کہا گیا ہے کہ وہ قانون کی پاسداری کریں اور کسی بھی مشکل کی صورت میں فوری رابطہ کریں تاکہ مسائل کو بروقت حل کیا جا سکے اور عوامی مفاد کو یقینی بنایا جا سکے
نمبر 14
سیاسی
بیان میں کہا گیا ہے کہ حکومت نے عوام کی سہولت کیلئے مختلف اقدامات کیے ہیں اور اس سلسلے میں متعلقہ اداروں کو ہدایات جاری کر دی گئی ہیں جبکہ شہریوں سے کہا گیا ہے کہ وہ قانون کی پاسداری کریں اور کسی بھی مشکل کی صورت میں فوری رابطہ کریں تاکہ مسائل کو بروقت حل کیا جا سکے اور عوامی مفاد کو یقینی بنایا جا سکے
بیان میں کہا گیا ہے کہ حکومت نے عوام کی سہولت کیلئے مختلف اقدامات کیے ہیں اور اس سلسلے میں متعلقہ اداروں کو ہدایات جاری کر دی گئی ہیں جبکہ شہریوں سے کہا گیا ہے کہ وہ قانون کی پاسداری کریں اور کسی بھی مشکل کی صورت میں فوری رابطہ کریں تاکہ مسائل کو بروقت حل کیا جا سکے اور عوامی مفاد کو یقینی بنایا جا سکے
نمبر 15
حکومت
بیان میں کہا گیا ہے کہ حکومت نے عوام کی سہولت کیلئے مختلف اقدامات کیے ہیں اور اس سلسلے میں متعلقہ اداروں کو ہدایات جاری کر دی گئی ہیں جبکہ شہریوں سے کہا گیا ہے کہ وہ قانون کی پاسداری کریں اور کسی بھی مشکل کی صورت میں فوری رابطہ کریں تاکہ مسائل کو بروقت حل کیا جا سکے اور عوامی مفاد کو یقینی بنایا جا سکے
بیان میں کہا گیا ہے کہ حکومت نے عوام کی سہولت کیلئے مختلف اقدامات کیے ہیں اور اس سلسلے میں متعلقہ اداروں کو ہدایات جاری کر دی گئی ہیں جبکہ شہریوں سے کہا گیا ہے کہ وہ قانون کی پاسداری کریں اور کسی بھی مشکل کی صورت میں فوری رابطہ کریں تاکہ مسائل کو بروقت حل کیا جا سکے اور عوامی مفاد کو یقینی بنایا جا سکے
بیان میں کہا گیا ہے کہ حکومت نے عوام کی سہولت کیلئے مختلف اقدامات کیے ہیں اور اس سلسلے میں متعلقہ اداروں کو ہدایات جاری کر دی گئی ہیں جبکہ شہریوں سے کہا گیا ہے کہ وہ قانون کی پاسداری کریں اور کسی بھی مشکل کی صورت میں فوری رابطہ کریں تاکہ مسائل کو بروقت حل کیا جا سکے اور عوامی مفاد کو یقینی بنایا جا سکے
نمبر 16
اسرائیل
بیان میں کہا گیا ہے کہ حکومت نے عوام کی سہولت کیلئے مختلف اقدامات کیے ہیں اور اس سلسلے میں متعلقہ اداروں کو ہدایات جاری کر دی گئی ہیں جبکہ شہریوں سے کہا گیا ہے کہ وہ قانون کی پاسداری کریں اور کسی بھی مشکل کی صورت میں فوری رابطہ کریں تاکہ مسائل کو بروقت حل کیا جا سکے اور عوامی مفاد کو یقینی بنایا جا سکے
بیان میں کہا گیا ہے کہ حکومت نے عوام کی سہولت کیلئے مختلف اقدامات کیے ہیں اور اس سلسلے میں متعلقہ اداروں کو ہدایات جاری کر دی گئی ہیں جبکہ شہریوں سے کہا گیا ہے کہ وہ قانون کی پاسداری کریں اور کسی بھی مشکل کی صورت میں فوری رابطہ کریں تاکہ مسائل کو بروقت حل کیا جا سکے اور عوامی مفاد کو یقینی بنایا جا سکے
بیان میں کہا گیا ہے کہ حکومت نے عوام کی سہولت کیلئے مختلف اقدامات کیے ہیں اور اس سلسلے میں متعلقہ اداروں کو ہدایات جاری کر دی گئی ہیں جبکہ شہریوں سے کہا گیا ہے کہ وہ قانون کی پاسداری کریں اور کسی بھی مشکل کی صورت میں فوری رابطہ کریں تاکہ مسائل کو بروقت حل کیا جا سکے اور عوامی مفاد کو یقینی بنایا جا سکے
بیان میں کہا گیا ہے کہ حکومت نے عوام کی سہولت کیلئے مختلف اقدامات کیے ہیں اور اس سلسلے میں متعلقہ اداروں کو ہدایات جاری کر دی گئی ہیں جبکہ شہریوں سے کہا گیا ہے کہ وہ قانون کی پاسداری کریں اور کسی بھی مشکل کی صورت میں فوری رابطہ کریں تاکہ مسائل کو بروقت حل کیا جا سکے اور عوامی مفاد کو یقینی بنایا جا سکے
بیان میں کہا گیا ہے کہ حکومت نے عوام کی سہولت کیلئے مختلف اقدامات کیے ہیں اور اس سلسلے میں متعلقہ اداروں کو ہدایات جاری کر دی گئی ہیں جبکہ شہریوں سے کہا گیا ہے کہ وہ قانون کی پاسداری کریں اور کسی بھی مشکل کی صورت میں فوری رابطہ کریں تاکہ مسائل کو بروقت حل کیا جا سکے اور عوامی مفاد کو یقینی بنایا جا سکے
نمبر 17
کراچی
بیان میں کہا گیا ہے کہ حکومت نے عوام کی سہولت کیلئے مختلف اقدامات کیے ہیں اور اس سلسلے میں متعلقہ اداروں کو ہدایات جاری کر دی گئی ہیں جبکہ شہریوں سے کہا گیا ہے کہ وہ قانون کی پاسداری کریں اور کسی بھی مشکل کی صورت میں فوری رابطہ کریں تاکہ مسائل کو بروقت حل کیا جا سکے اور عوامی مفاد کو یقینی بنایا جا سکے
بیان میں کہا گیا ہے کہ حکومت نے عوام کی سہولت کیلئے مختلف اقدامات کیے ہیں اور اس سلسلے میں متعلقہ اداروں کو ہدایات جاری کر دی گئی ہیں جبکہ شہریوں سے کہا گیا ہے کہ وہ قانون کی پاسداری کریں اور کسی بھی مشکل کی صورت میں فوری رابطہ کریں تاکہ مسائل کو بروقت حل کیا جا سکے اور عوامی مفاد کو یقینی بنایا جا سکے
نمبر 18
قومی
بیان میں کہا گیا ہے کہ حکومت نے عوام کی سہولت کیلئے مختلف اقدامات کیے ہیں اور اس سلسلے میں متعلقہ اداروں کو ہدایات جاری کر دی گئی ہیں جبکہ شہریوں سے کہا گیا ہے کہ وہ قانون کی پاسداری کریں اور کسی بھی مشکل کی صورت میں فوری رابطہ کریں تاکہ مسائل کو بروقت حل کیا جا سکے اور عوامی مفاد کو یقینی بنایا جا سکے
بیان میں کہا گیا ہے کہ حکومت نے عوام کی سہولت کیلئے مختلف اقدامات کیے ہیں اور اس سلسلے میں متعلقہ اداروں کو ہدایات جاری کر دی گئی ہیں جبکہ شہریوں سے کہا گیا ہے کہ وہ قانون کی پاسداری کریں اور کسی بھی مشکل کی صورت میں فوری رابطہ کریں تاکہ مسائل کو بروقت حل کیا جا سکے اور عوامی مفاد کو یقینی بنایا جا سکے
بیان میں کہا گیا ہے کہ حکومت نے عوام کی سہولت کیلئے مختلف اقدامات کیے ہیں اور اس سلسلے میں متعلقہ اداروں کو ہدایات جاری کر دی گئی ہیں جبکہ شہریوں سے کہا گیا ہے کہ وہ قانون کی پاسداری کریں اور کسی بھی مشکل کی صورت میں فوری رابطہ کریں تاکہ مسائل کو بروقت حل کیا جا سکے اور عوامی مفاد کو یقینی بنایا جا سکے
بیان میں کہا گیا ہے کہ حکومت نے عوام کی سہولت کیلئے مختلف اقدامات کیے ہیں اور اس سلسلے میں متعلقہ اداروں کو ہدایات جاری کر دی گئی ہیں جبکہ شہریوں سے کہا گیا ہے کہ وہ قانون کی پاسداری کریں اور کسی بھی مشکل کی صورت میں فوری رابطہ کریں تاکہ مسائل کو بروقت حل کیا جا سکے اور عوامی مفاد کو یقینی بنایا جا سکے
نمبر 19
فیصلہ
بیان میں کہا گیا ہے کہ حکومت نے عوام کی سہولت کیلئے مختلف اقدامات کیے ہیں اور اس سلسلے میں متعلقہ اداروں کو ہدایات جاری کر دی گئی ہیں جبکہ شہریوں سے کہا گیا ہے کہ وہ قانون کی پاسداری کریں اور کسی بھی مشکل کی صورت میں فوری رابطہ کریں تاکہ مسائل کو بروقت حل کیا جا سکے اور عوامی مفاد کو یقینی بنایا جا سکے
بیان میں کہا گیا ہے کہ حکومت نے عوام کی سہولت کیلئے مختلف اقدامات کیے ہیں اور اس سلسلے میں متعلقہ اداروں کو ہدایات جاری کر دی گئی ہیں جبکہ شہریوں سے کہا گیا ہے کہ وہ قانون کی پاسداری کریں اور کسی بھی مشکل کی صورت میں فوری رابطہ کریں تاکہ مسائل کو بروقت حل کیا جا سکے اور عوامی مفاد کو یقینی بنایا جا سکے
بیان میں کہا گیا ہے کہ حکومت نے عوام کی سہولت کیلئے مختلف اقدامات کیے ہیں اور اس سلسلے میں متعلقہ اداروں کو ہدایات جاری کر دی گئی ہیں جبکہ شہریوں سے کہا گیا ہے کہ وہ قانون کی پاسداری کریں اور کسی بھی مشکل کی صورت میں فوری رابطہ کریں تاکہ مسائل کو بروقت حل کیا جا سکے اور عوامی مفاد کو یقینی بنایا جا سکے
نمبر 20
قانونی
بیان میں کہا گیا ہے کہ حکومت نے عوام کی سہولت کیلئے مختلف اقدامات کیے ہیں اور اس سلسلے میں متعلقہ اداروں کو ہدایات جاری کر دی گئی ہیں جبکہ شہریوں سے کہا گیا ہے کہ وہ قانون کی پاسداری کریں اور کسی بھی مشکل کی صورت میں فوری رابطہ کریں تاکہ مسائل کو بروقت حل کیا جا سکے اور عوامی مفاد کو یقینی بنایا جا سکے
بیان میں کہا گیا ہے کہ حکومت نے عوام کی سہولت کیلئے مختلف اقدامات کیے ہیں اور اس سلسلے میں متعلقہ اداروں کو ہدایات جاری کر دی گئی ہیں جبکہ شہریوں سے کہا گیا ہے کہ وہ قانون کی پاسداری کریں اور کسی بھی مشکل کی صورت میں فوری رابطہ کریں تاکہ مسائل کو بروقت حل کیا جا سکے اور عوامی مفاد کو یقینی بنایا جا سکے
نمبر 21
عوامی
بیان میں کہا گیا ہے کہ حکومت نے عوام کی سہولت کیلئے مختلف اقدامات کیے ہیں اور اس سلسلے میں متعلقہ اداروں کو ہدایات جاری کر دی گئی ہیں جبکہ شہریوں سے کہا گیا ہے کہ وہ قانون کی پاسداری کریں اور کسی بھی مشکل کی صورت میں فوری رابطہ کریں تاکہ مسائل کو بروقت حل کیا جا سکے اور عوامی مفاد کو یقینی بنایا جا سکے
بیان میں کہا گیا ہے کہ حکومت نے عوام کی سہولت کیلئے مختلف اقدامات کیے ہیں اور اس سلسلے میں متعلقہ اداروں کو ہدایات جاری کر دی گئی ہیں جبکہ شہریوں سے کہا گیا ہے کہ وہ قانون کی پاسداری کریں اور کسی بھی مشکل کی صورت میں فوری رابطہ کریں تاکہ مسائل کو بروقت حل کیا جا سکے اور عوامی مفاد کو یقینی بنایا جا سکے
بیان میں کہا گیا ہے کہ حکومت نے عوام کی سہولت کیلئے مختلف اقدامات کیے ہیں اور اس سلسلے میں متعلقہ اداروں کو ہدایات جاری کر دی گئی ہیں جبکہ شہریوں سے کہا گیا ہے کہ وہ قانون کی پاسداری کریں اور کسی بھی مشکل کی صورت میں فوری رابطہ کریں تاکہ مسائل کو بروقت حل کیا جا سکے اور عوامی مفاد کو یقینی بنایا جا سکے
نمبر 22
شہری
بیان میں کہا گیا ہے کہ حکومت نے عوام کی سہولت کیلئے مختلف اقدامات کیے ہیں اور اس سلسلے میں متعلقہ اداروں کو ہدایات جاری کر دی گئی ہیں جبکہ شہریوں سے کہا گیا ہے کہ وہ قانون کی پاسداری کریں اور کسی بھی مشکل کی صورت میں فوری رابطہ کریں تاکہ مسائل کو بروقت حل کیا جا سکے اور عوامی مفاد کو یقینی بنایا جا سکے
بیان میں کہا گیا ہے کہ حکومت نے عوام کی سہولت کیلئے مختلف اقدامات کیے ہیں اور اس سلسلے میں متعلقہ اداروں کو ہدایات جاری کر دی گئی ہیں جبکہ شہریوں سے کہا گیا ہے کہ وہ قانون کی پاسداری کریں اور کسی بھی مشکل کی صورت میں فوری رابطہ کریں تاکہ مسائل کو بروقت حل کیا جا سکے اور عوامی مفاد کو یقینی بنایا جا سکے
بیان میں کہا گیا ہے کہ حکومت نے عوام کی سہولت کیلئے مختلف اقدامات کیے ہیں اور اس سلسلے میں متعلقہ اداروں کو ہدایات جاری کر دی گئی ہیں جبکہ شہریوں سے کہا گیا ہے کہ وہ قانون کی پاسداری کریں اور کسی بھی مشکل کی صورت میں فوری رابطہ کریں تاکہ مسائل کو بروقت حل کیا جا سکے اور عوامی مفاد کو یقینی بنایا جا سکے
گمشدگی
بیان میں کہا گیا ہے کہ حکومت نے عوام کی سہولت کیلئے مختلف اقدامات کیے ہیں اور اس سلسلے میں متعلقہ اداروں کو ہدایات جاری کر دی گئی ہیں جبکہ شہریوں سے کہا گیا ہے کہ وہ قانون کی پاسداری کریں اور کسی بھی مشکل کی صورت میں فوری رابطہ کریں تاکہ مسائل کو بروقت حل کیا جا سکے اور عوامی مفاد کو یقینی بنایا جا سکے
0313-2969144
گمشدگی کا اشتہار
بیان میں کہا گیا ہے کہ حکومت نے عوام کی سہولت کیلئے مختلف اقدامات کیے ہیں اور اس سلسلے میں متعلقہ اداروں کو ہدایات جاری کر دی گئی ہیں جبکہ شہریوں سے کہا گیا ہے کہ وہ قانون کی پاسداری کریں اور کسی بھی مشکل کی صورت میں فوری رابطہ کریں تاکہ مسائل کو بروقت حل کیا جا سکے اور عوامی مفاد کو یقینی بنایا جا سکے
بیان میں کہا گیا ہے کہ حکومت نے عوام کی سہولت کیلئے مختلف اقدامات کیے ہیں اور اس سلسلے میں متعلقہ اداروں کو ہدایات جاری کر دی گئی ہیں جبکہ شہریوں سے کہا گیا ہے کہ وہ قانون کی پاسداری کریں اور کسی بھی مشکل کی صورت میں فوری رابطہ کریں تاکہ مسائل کو بروقت حل کیا جا سکے اور عوامی مفاد کو یقینی بنایا جا سکے
9480000204664603
بیان میں کہا گیا ہے کہ حکومت نے عوام کی سہولت کیلئے مختلف اقدامات کیے ہیں اور اس سلسلے میں متعلقہ اداروں کو ہدایات جاری کر دی گئی ہیں جبکہ شہریوں سے کہا گیا ہے کہ وہ قانون کی پاسداری کریں اور کسی بھی مشکل کی صورت میں فوری رابطہ کریں تاکہ مسائل کو بروقت حل کیا جا سکے اور عوامی مفاد کو یقینی بنایا جا سکے
0308-8171707
بیان میں کہا گیا ہے کہ حکومت نے عوام کی سہولت کیلئے مختلف اقدامات کیے ہیں اور اس سلسلے میں متعلقہ اداروں کو ہدایات جاری کر دی گئی ہیں جبکہ شہریوں سے کہا گیا ہے کہ وہ قانون کی پاسداری کریں اور کسی بھی مشکل کی صورت میں فوری رابطہ کریں تاکہ مسائل کو بروقت حل کیا جا سکے اور عوامی مفاد کو یقینی بنایا جا سکے
بیان میں کہا گیا ہے کہ حکومت نے عوام کی سہولت کیلئے مختلف اقدامات کیے ہیں اور اس سلسلے میں متعلقہ اداروں کو ہدایات جاری کر دی گئی ہیں جبکہ شہریوں سے کہا گیا ہے کہ وہ قانون کی پاسداری کریں اور کسی بھی مشکل کی صورت میں فوری رابطہ کریں تاکہ مسائل کو بروقت حل کیا جا سکے اور عوامی مفاد کو یقینی بنایا جا سکے
کورٹ نوٹس
بیان میں کہا گیا ہے کہ حکومت نے عوام کی سہولت کیلئے مختلف اقدامات کیے ہیں اور اس سلسلے میں متعلقہ اداروں کو ہدایات جاری کر دی گئی ہیں جبکہ شہریوں سے کہا گیا ہے کہ وہ قانون کی پاسداری کریں اور کسی بھی مشکل کی صورت میں فوری رابطہ کریں تاکہ مسائل کو بروقت حل کیا جا سکے اور عوامی مفاد کو یقینی بنایا جا سکے
بیان میں کہا گیا ہے کہ حکومت نے عوام کی سہولت کیلئے مختلف اقدامات کیے ہیں اور اس سلسلے میں متعلقہ اداروں کو ہدایات جاری کر دی گئی ہیں جبکہ شہریوں سے کہا گیا ہے کہ وہ قانون کی پاسداری کریں اور کسی بھی مشکل کی صورت میں فوری رابطہ کریں تاکہ مسائل کو بروقت حل کیا جا سکے اور عوامی مفاد کو یقینی بنایا جا سکے
بیان میں کہا گیا ہے کہ حکومت نے عوام کی سہولت کیلئے مختلف اقدامات کیے ہیں اور اس سلسلے میں متعلقہ اداروں کو ہدایات جاری کر دی گئی ہیں جبکہ شہریوں سے کہا گیا ہے کہ وہ قانون کی پاسداری کریں اور کسی بھی مشکل کی صورت میں فوری رابطہ کریں تاکہ مسائل کو بروقت حل کیا جا سکے اور عوامی مفاد کو یقینی بنایا جا سکے
بیان میں کہا گیا ہے کہ حکومت نے عوام کی سہولت کیلئے مختلف اقدامات کیے ہیں اور اس سلسلے میں متعلقہ اداروں کو ہدایات جاری کر دی گئی ہیں جبکہ شہریوں سے کہا گیا ہے کہ وہ قانون کی پاسداری کریں اور کسی بھی مشکل کی صورت میں فوری رابطہ کریں تاکہ مسائل کو بروقت حل کیا جا سکے اور عوامی مفاد کو یقینی بنایا جا سکے
نمبر 23
بلدیہ
بیان میں کہا گیا ہے کہ حکومت نے عوام کی سہولت کیلئے مختلف اقدامات کیے ہیں اور اس سلسلے میں متعلقہ اداروں کو ہدایات جاری کر دی گئی ہیں جبکہ شہریوں سے کہا گیا ہے کہ وہ قانون کی پاسداری کریں اور کسی بھی مشکل کی صورت میں فوری رابطہ کریں تاکہ مسائل کو بروقت حل کیا جا سکے اور عوامی مفاد کو یقینی بنایا جا سکے
بیان میں کہا گیا ہے کہ حکومت نے عوام کی سہولت کیلئے مختلف اقدامات کیے ہیں اور اس سلسلے میں متعلقہ اداروں کو ہدایات جاری کر دی گئی ہیں جبکہ شہریوں سے کہا گیا ہے کہ وہ قانون کی پاسداری کریں اور کسی بھی مشکل کی صورت میں فوری رابطہ کریں تاکہ مسائل کو بروقت حل کیا جا سکے اور عوامی مفاد کو یقینی بنایا جا سکے
کورٹ نوٹس
بیان میں کہا گیا ہے کہ حکومت نے عوام کی سہولت کیلئے مختلف اقدامات کیے ہیں اور اس سلسلے میں متعلقہ اداروں کو ہدایات جاری کر دی گئی ہیں جبکہ شہریوں سے کہا گیا ہے کہ وہ قانون کی پاسداری کریں اور کسی بھی مشکل کی صورت میں فوری رابطہ کریں تاکہ مسائل کو بروقت حل کیا جا سکے اور عوامی مفاد کو یقینی بنایا جا سکے
بیان میں کہا گیا ہے کہ حکومت نے عوام کی سہولت کیلئے مختلف اقدامات کیے ہیں اور اس سلسلے میں متعلقہ اداروں کو ہدایات جاری کر دی گئی ہیں جبکہ شہریوں سے کہا گیا ہے کہ وہ قانون کی پاسداری کریں اور کسی بھی مشکل کی صورت میں فوری رابطہ کریں تاکہ مسائل کو بروقت حل کیا جا سکے اور عوامی مفاد کو یقینی بنایا جا سکے
بیان میں کہا گیا ہے کہ حکومت نے عوام کی سہولت کیلئے مختلف اقدامات کیے ہیں اور اس سلسلے میں متعلقہ اداروں کو ہدایات جاری کر دی گئی ہیں جبکہ شہریوں سے کہا گیا ہے کہ وہ قانون کی پاسداری کریں اور کسی بھی مشکل کی صورت میں فوری رابطہ کریں تاکہ مسائل کو بروقت حل کیا جا سکے اور عوامی مفاد کو یقینی بنایا جا سکے
بیان میں کہا گیا ہے کہ حکومت نے عوام کی سہولت کیلئے مختلف اقدامات کیے ہیں اور اس سلسلے میں متعلقہ اداروں کو ہدایات جاری کر دی گئی ہیں جبکہ شہریوں سے کہا گیا ہے کہ وہ قانون کی پاسداری کریں اور کسی بھی مشکل کی صورت میں فوری رابطہ کریں تاکہ مسائل کو بروقت حل کیا جا سکے اور عوامی مفاد کو یقینی بنایا جا سکے
بیان میں کہا گیا ہے کہ حکومت نے عوام کی سہولت کیلئے مختلف اقدامات کیے ہیں اور اس سلسلے میں متعلقہ اداروں کو ہدایات جاری کر دی گئی ہیں جبکہ شہریوں سے کہا گیا ہے کہ وہ قانون کی پاسداری کریں اور کسی بھی مشکل کی صورت میں فوری رابطہ کریں تاکہ مسائل کو بروقت حل کیا جا سکے اور عوامی مفاد کو یقینی بنایا جا سکے
بیان میں کہا گیا ہے کہ حکومت نے عوام کی سہولت کیلئے مختلف اقدامات کیے ہیں اور اس سلسلے میں متعلقہ اداروں کو ہدایات جاری کر دی گئی ہیں جبکہ شہریوں سے کہا گیا ہے کہ وہ قانون کی پاسداری کریں اور کسی بھی مشکل کی صورت میں فوری رابطہ کریں تاکہ مسائل کو بروقت حل کیا جا سکے اور عوامی مفاد کو یقینی بنایا جا سکے
بیان میں کہا گیا ہے کہ حکومت نے عوام کی سہولت کیلئے مختلف اقدامات کیے ہیں اور اس سلسلے میں متعلقہ اداروں کو ہدایات جاری کر دی گئی ہیں جبکہ شہریوں سے کہا گیا ہے کہ وہ قانون کی پاسداری کریں اور کسی بھی مشکل کی صورت میں فوری رابطہ کریں تاکہ مسائل کو بروقت حل کیا جا سکے اور عوامی مفاد کو یقینی بنایا جا سکے
بیان میں کہا گیا ہے کہ حکومت نے عوام کی سہولت کیلئے مختلف اقدامات کیے ہیں اور اس سلسلے میں متعلقہ اداروں کو ہدایات جاری کر دی گئی ہیں جبکہ شہریوں سے کہا گیا ہے کہ وہ قانون کی پاسداری کریں اور کسی بھی مشکل کی صورت میں فوری رابطہ کریں تاکہ مسائل کو بروقت حل کیا جا سکے اور عوامی مفاد کو یقینی بنایا جا سکے
بیان میں کہا گیا ہے کہ حکومت نے عوام کی سہولت کیلئے مختلف اقدامات کیے ہیں اور اس سلسلے میں متعلقہ اداروں کو ہدایات جاری کر دی گئی ہیں جبکہ شہریوں سے کہا گیا ہے کہ وہ قانون کی پاسداری کریں اور کسی بھی مشکل کی صورت میں فوری رابطہ کریں تاکہ مسائل کو بروقت حل کیا جا سکے اور عوامی مفاد کو یقینی بنایا جا سکے
بیان میں کہا گیا ہے کہ حکومت نے عوام کی سہولت کیلئے مختلف اقدامات کیے ہیں اور اس سلسلے میں متعلقہ اداروں کو ہدایات جاری کر دی گئی ہیں جبکہ شہریوں سے کہا گیا ہے کہ وہ قانون کی پاسداری کریں اور کسی بھی مشکل کی صورت میں فوری رابطہ کریں تاکہ مسائل کو بروقت حل کیا جا سکے اور عوامی مفاد کو یقینی بنایا جا سکے
بیان میں کہا گیا ہے کہ حکومت نے عوام کی سہولت کیلئے مختلف اقدامات کیے ہیں اور اس سلسلے میں متعلقہ اداروں کو ہدایات جاری کر دی گئی ہیں جبکہ شہریوں سے کہا گیا ہے کہ وہ قانون کی پاسداری کریں اور کسی بھی مشکل کی صورت میں فوری رابطہ کریں تاکہ مسائل کو بروقت حل کیا جا سکے اور عوامی مفاد کو یقینی بنایا جا سکے
بیان میں کہا گیا ہے کہ حکومت نے عوام کی سہولت کیلئے مختلف اقدامات کیے ہیں اور اس سلسلے میں متعلقہ اداروں کو ہدایات جاری کر دی گئی ہیں جبکہ شہریوں سے کہا گیا ہے کہ وہ قانون کی پاسداری کریں اور کسی بھی مشکل کی صورت میں فوری رابطہ کریں تاکہ مسائل کو بروقت حل کیا جا سکے اور عوامی مفاد کو یقینی بنایا جا سکے
بیان میں کہا گیا ہے کہ حکومت نے عوام کی سہولت کیلئے مختلف اقدامات کیے ہیں اور اس سلسلے میں متعلقہ اداروں کو ہدایات جاری کر دی گئی ہیں جبکہ شہریوں سے کہا گیا ہے کہ وہ قانون کی پاسداری کریں اور کسی بھی مشکل کی صورت میں فوری رابطہ کریں تاکہ مسائل کو بروقت حل کیا جا سکے اور عوامی مفاد کو یقینی بنایا جا سکے
نمبر 24
کھیل
بیان میں کہا گیا ہے کہ حکومت نے عوام کی سہولت کیلئے مختلف اقدامات کیے ہیں اور اس سلسلے میں متعلقہ اداروں کو ہدایات جاری کر دی گئی ہیں جبکہ شہریوں سے کہا گیا ہے کہ وہ قانون کی پاسداری کریں اور کسی بھی مشکل کی صورت میں فوری رابطہ کریں تاکہ مسائل کو بروقت حل کیا جا سکے اور عوامی مفاد کو یقینی بنایا جا سکے
بیان میں کہا گیا ہے کہ حکومت نے عوام کی سہولت کیلئے مختلف اقدامات کیے ہیں اور اس سلسلے میں متعلقہ اداروں کو ہدایات جاری کر دی گئی ہیں جبکہ شہریوں سے کہا گیا ہے کہ وہ قانون کی پاسداری کریں اور کسی بھی مشکل کی صورت میں فوری رابطہ کریں تاکہ مسائل کو بروقت حل کیا جا سکے اور عوامی مفاد کو یقینی بنایا جا سکے
بیان میں کہا گیا ہے کہ حکومت نے عوام کی سہولت کیلئے مختلف اقدامات کیے ہیں اور اس سلسلے میں متعلقہ اداروں کو ہدایات جاری کر دی گئی ہیں جبکہ شہریوں سے کہا گیا ہے کہ وہ قانون کی پاسداری کریں اور کسی بھی مشکل کی صورت میں فوری رابطہ کریں تاکہ مسائل کو بروقت حل کیا جا سکے اور عوامی مفاد کو یقینی بنایا جا سکے
نمبر 25
علاقہ
کورٹ نوٹس
بیان میں کہا گیا ہے کہ حکومت نے عوام کی سہولت کیلئے مختلف اقدامات کیے ہیں اور اس سلسلے میں متعلقہ اداروں کو ہدایات جاری کر دی گئی ہیں جبکہ شہریوں سے کہا گیا ہے کہ وہ قانون کی پاسداری کریں اور کسی بھی مشکل کی صورت میں فوری رابطہ کریں تاکہ مسائل کو بروقت حل کیا جا سکے اور عوامی مفاد کو یقینی بنایا جا سکے
بیان میں کہا گیا ہے کہ حکومت نے عوام کی سہولت کیلئے مختلف اقدامات کیے ہیں اور اس سلسلے میں متعلقہ اداروں کو ہدایات جاری کر دی گئی ہیں جبکہ شہریوں سے کہا گیا ہے کہ وہ قانون کی پاسداری کریں اور کسی بھی مشکل کی صورت میں فوری رابطہ کریں تاکہ مسائل کو بروقت حل کیا جا سکے اور عوامی مفاد کو یقینی بنایا جا سکے
کورٹ نوٹس
بیان میں کہا گیا ہے کہ حکومت نے عوام کی سہولت کیلئے مختلف اقدامات کیے ہیں اور اس سلسلے میں متعلقہ اداروں کو ہدایات جاری کر دی گئی ہیں جبکہ شہریوں سے کہا گیا ہے کہ وہ قانون کی پاسداری کریں اور کسی بھی مشکل کی صورت میں فوری رابطہ کریں تاکہ مسائل کو بروقت حل کیا جا سکے اور عوامی مفاد کو یقینی بنایا جا سکے
STF
بیان میں کہا گیا ہے کہ حکومت نے عوام کی سہولت کیلئے مختلف اقدامات کیے ہیں اور اس سلسلے میں متعلقہ اداروں کو ہدایات جاری کر دی گئی ہیں جبکہ شہریوں سے کہا گیا ہے کہ وہ قانون کی پاسداری کریں اور کسی بھی مشکل کی صورت میں فوری رابطہ کریں تاکہ مسائل کو بروقت حل کیا جا سکے اور عوامی مفاد کو یقینی بنایا جا سکے
STF
بیان میں کہا گیا ہے کہ حکومت نے عوام کی سہولت کیلئے مختلف اقدامات کیے ہیں اور اس سلسلے میں متعلقہ اداروں کو ہدایات جاری کر دی گئی ہیں جبکہ شہریوں سے کہا گیا ہے کہ وہ قانون کی پاسداری کریں اور کسی بھی مشکل کی صورت میں فوری رابطہ کریں تاکہ مسائل کو بروقت حل کیا جا سکے اور عوامی مفاد کو یقینی بنایا جا سکے
STF
بیان میں کہا گیا ہے کہ حکومت نے عوام کی سہولت کیلئے مختلف اقدامات کیے ہیں اور اس سلسلے میں متعلقہ اداروں کو ہدایات جاری کر دی گئی ہیں جبکہ شہریوں سے کہا گیا ہے کہ وہ قانون کی پاسداری کریں اور کسی بھی مشکل کی صورت میں فوری رابطہ کریں تاکہ مسائل کو بروقت حل کیا جا سکے اور عوامی مفاد کو یقینی بنایا جا سکے
STF
بیان میں کہا گیا ہے کہ حکومت نے عوام کی سہولت کیلئے مختلف اقدامات کیے ہیں اور اس سلسلے میں متعلقہ اداروں کو ہدایات جاری کر دی گئی ہیں جبکہ شہریوں سے کہا گیا ہے کہ وہ قانون کی پاسداری کریں اور کسی بھی مشکل کی صورت میں فوری رابطہ کریں تاکہ مسائل کو بروقت حل کیا جا سکے اور عوامی مفاد کو یقینی بنایا جا سکے
STF
بیان میں کہا گیا ہے کہ حکومت نے عوام کی سہولت کیلئے مختلف اقدامات کیے ہیں اور اس سلسلے میں متعلقہ اداروں کو ہدایات جاری کر دی گئی ہیں جبکہ شہریوں سے کہا گیا ہے کہ وہ قانون کی پاسداری کریں اور کسی بھی مشکل کی صورت میں فوری رابطہ کریں تاکہ مسائل کو بروقت حل کیا جا سکے اور عوامی مفاد کو یقینی بنایا جا سکے
STF
بیان میں کہا گیا ہے کہ حکومت نے عوام کی سہولت کیلئے مختلف اقدامات کیے ہیں اور اس سلسلے میں متعلقہ اداروں کو ہدایات جاری کر دی گئی ہیں جبکہ شہریوں سے کہا گیا ہے کہ وہ قانون کی پاسداری کریں اور کسی بھی مشکل کی صورت میں فوری رابطہ کریں تاکہ مسائل کو بروقت حل کیا جا سکے اور عوامی مفاد کو یقینی بنایا جا سکے
STF
بیان میں کہا گیا ہے کہ حکومت نے عوام کی سہولت کیلئے مختلف اقدامات کیے ہیں اور اس سلسلے میں متعلقہ اداروں کو ہدایات جاری کر دی گئی ہیں جبکہ شہریوں سے کہا گیا ہے کہ وہ قانون کی پاسداری کریں اور کسی بھی مشکل کی صورت میں فوری رابطہ کریں تاکہ مسائل کو بروقت حل کیا جا سکے اور عوامی مفاد کو یقینی بنایا جا سکے
STF
بیان میں کہا گیا ہے کہ حکومت نے عوام کی سہولت کیلئے مختلف اقدامات کیے ہیں اور اس سلسلے میں متعلقہ اداروں کو ہدایات جاری کر دی گئی ہیں جبکہ شہریوں سے کہا گیا ہے کہ وہ قانون کی پاسداری کریں اور کسی بھی مشکل کی صورت میں فوری رابطہ کریں تاکہ مسائل کو بروقت حل کیا جا سکے اور عوامی مفاد کو یقینی بنایا جا سکے
STF
بیان میں کہا گیا ہے کہ حکومت نے عوام کی سہولت کیلئے مختلف اقدامات کیے ہیں اور اس سلسلے میں متعلقہ اداروں کو ہدایات جاری کر دی گئی ہیں جبکہ شہریوں سے کہا گیا ہے کہ وہ قانون کی پاسداری کریں اور کسی بھی مشکل کی صورت میں فوری رابطہ کریں تاکہ مسائل کو بروقت حل کیا جا سکے اور عوامی مفاد کو یقینی بنایا جا سکے
STF
بیان میں کہا گیا ہے کہ حکومت نے عوام کی سہولت کیلئے مختلف اقدامات کیے ہیں اور اس سلسلے میں متعلقہ اداروں کو ہدایات جاری کر دی گئی ہیں جبکہ شہریوں سے کہا گیا ہے کہ وہ قانون کی پاسداری کریں اور کسی بھی مشکل کی صورت میں فوری رابطہ کریں تاکہ مسائل کو بروقت حل کیا جا سکے اور عوامی مفاد کو یقینی بنایا جا سکے
بیان میں کہا گیا ہے کہ حکومت نے عوام کی سہولت کیلئے مختلف اقدامات کیے ہیں اور اس سلسلے میں متعلقہ اداروں کو ہدایات جاری کر دی گئی ہیں جبکہ شہریوں سے کہا گیا ہے کہ وہ قانون کی پاسداری کریں اور کسی بھی مشکل کی صورت میں فوری رابطہ کریں تاکہ مسائل کو بروقت حل کیا جا سکے اور عوامی مفاد کو یقینی بنایا جا سکے
بیان میں کہا گیا ہے کہ حکومت نے عوام کی سہولت کیلئے مختلف اقدامات کیے ہیں اور اس سلسلے میں متعلقہ اداروں کو ہدایات جاری کر دی گئی ہیں جبکہ شہریوں سے کہا گیا ہے کہ وہ قانون کی پاسداری کریں اور کسی بھی مشکل کی صورت میں فوری رابطہ کریں تاکہ مسائل کو بروقت حل کیا جا سکے اور عوامی مفاد کو یقینی بنایا جا سکے
بیان میں کہا گیا ہے کہ حکومت نے عوام کی سہولت کیلئے مختلف اقدامات کیے ہیں اور اس سلسلے میں متعلقہ اداروں کو ہدایات جاری کر دی گئی ہیں جبکہ شہریوں سے کہا گیا ہے کہ وہ قانون کی پاسداری کریں اور کسی بھی مشکل کی صورت میں فوری رابطہ کریں تاکہ مسائل کو بروقت حل کیا جا سکے اور عوامی مفاد کو یقینی بنایا جا سکے
مختصر اشتہارات
فی سطر -/100 روپے
021-36552701,71,72
